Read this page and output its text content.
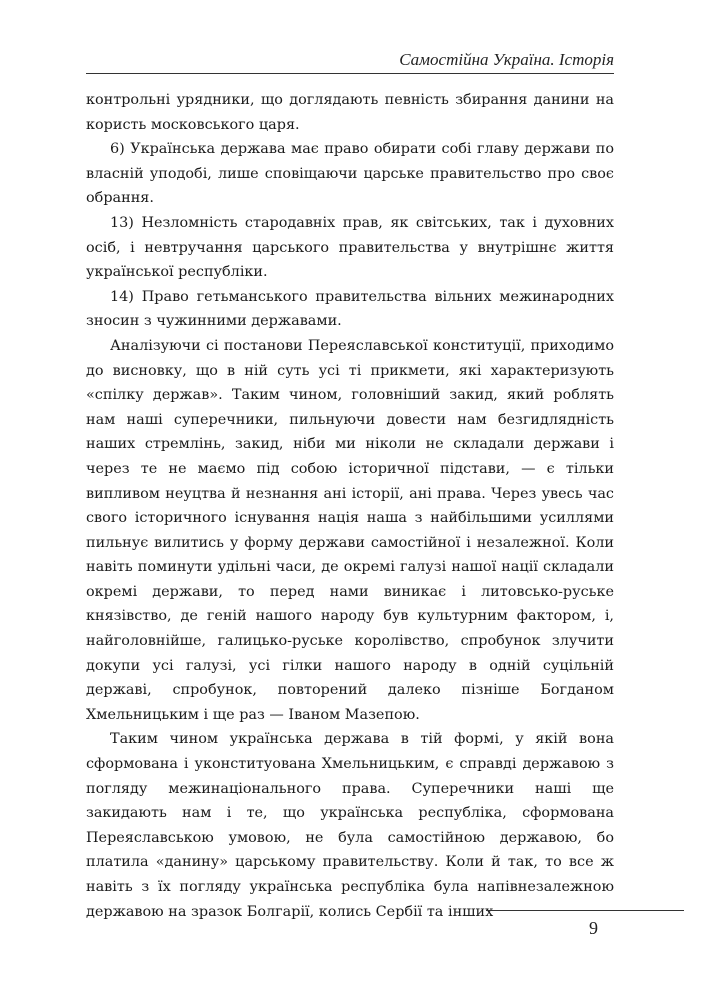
Самостійна Україна. Історія

контрольні урядники, що доглядають певність збирання данини на користь московського царя.

6) Українська держава має право обирати собі главу держави по власній уподобі, лише сповіщаючи царське правительство про своє обрання.

13) Незломність стародавніх прав, як світських, так і духовних осіб, і невтручання царського правительства у внутрішнє життя української республіки.

14) Право гетьманського правительства вільних межинародних зносин з чужинними державами.

Аналізуючи сі постанови Переяславської конституції, приходимо до висновку, що в ній суть усі ті прикмети, які характеризують «спілку держав». Таким чином, головніший закид, який роблять нам наші суперечники, пильнуючи довести нам безгидлядність наших стремлінь, закид, ніби ми ніколи не складали держави і через те не маємо під собою історичної підстави, — є тільки випливом неуцтва й незнання ані історії, ані права. Через увесь час свого історичного існування нація наша з найбільшими усиллями пильнує вилитись у форму держави самостійної і незалежної. Коли навіть поминути удільні часи, де окремі галузі нашої нації складали окремі держави, то перед нами виникає і литовсько-руське князівство, де геній нашого народу був культурним фактором, і, найголовнійше, галицько-руське королівство, спробунок злучити докупи усі галузі, усі гілки нашого народу в одній суцільній державі, спробунок, повторений далеко пізніше Богданом Хмельницьким і ще раз — Іваном Мазепою.

Таким чином українська держава в тій формі, у якій вона сформована і уконституована Хмельницьким, є справді державою з погляду межинаціонального права. Суперечники наші ще закидають нам і те, що українська республіка, сформована Переяславською умовою, не була самостійною державою, бо платила «данину» царському правительству. Коли й так, то все ж навіть з їх погляду українська республіка була напівнезалежною державою на зразок Болгарії, колись Сербії та інших

9
